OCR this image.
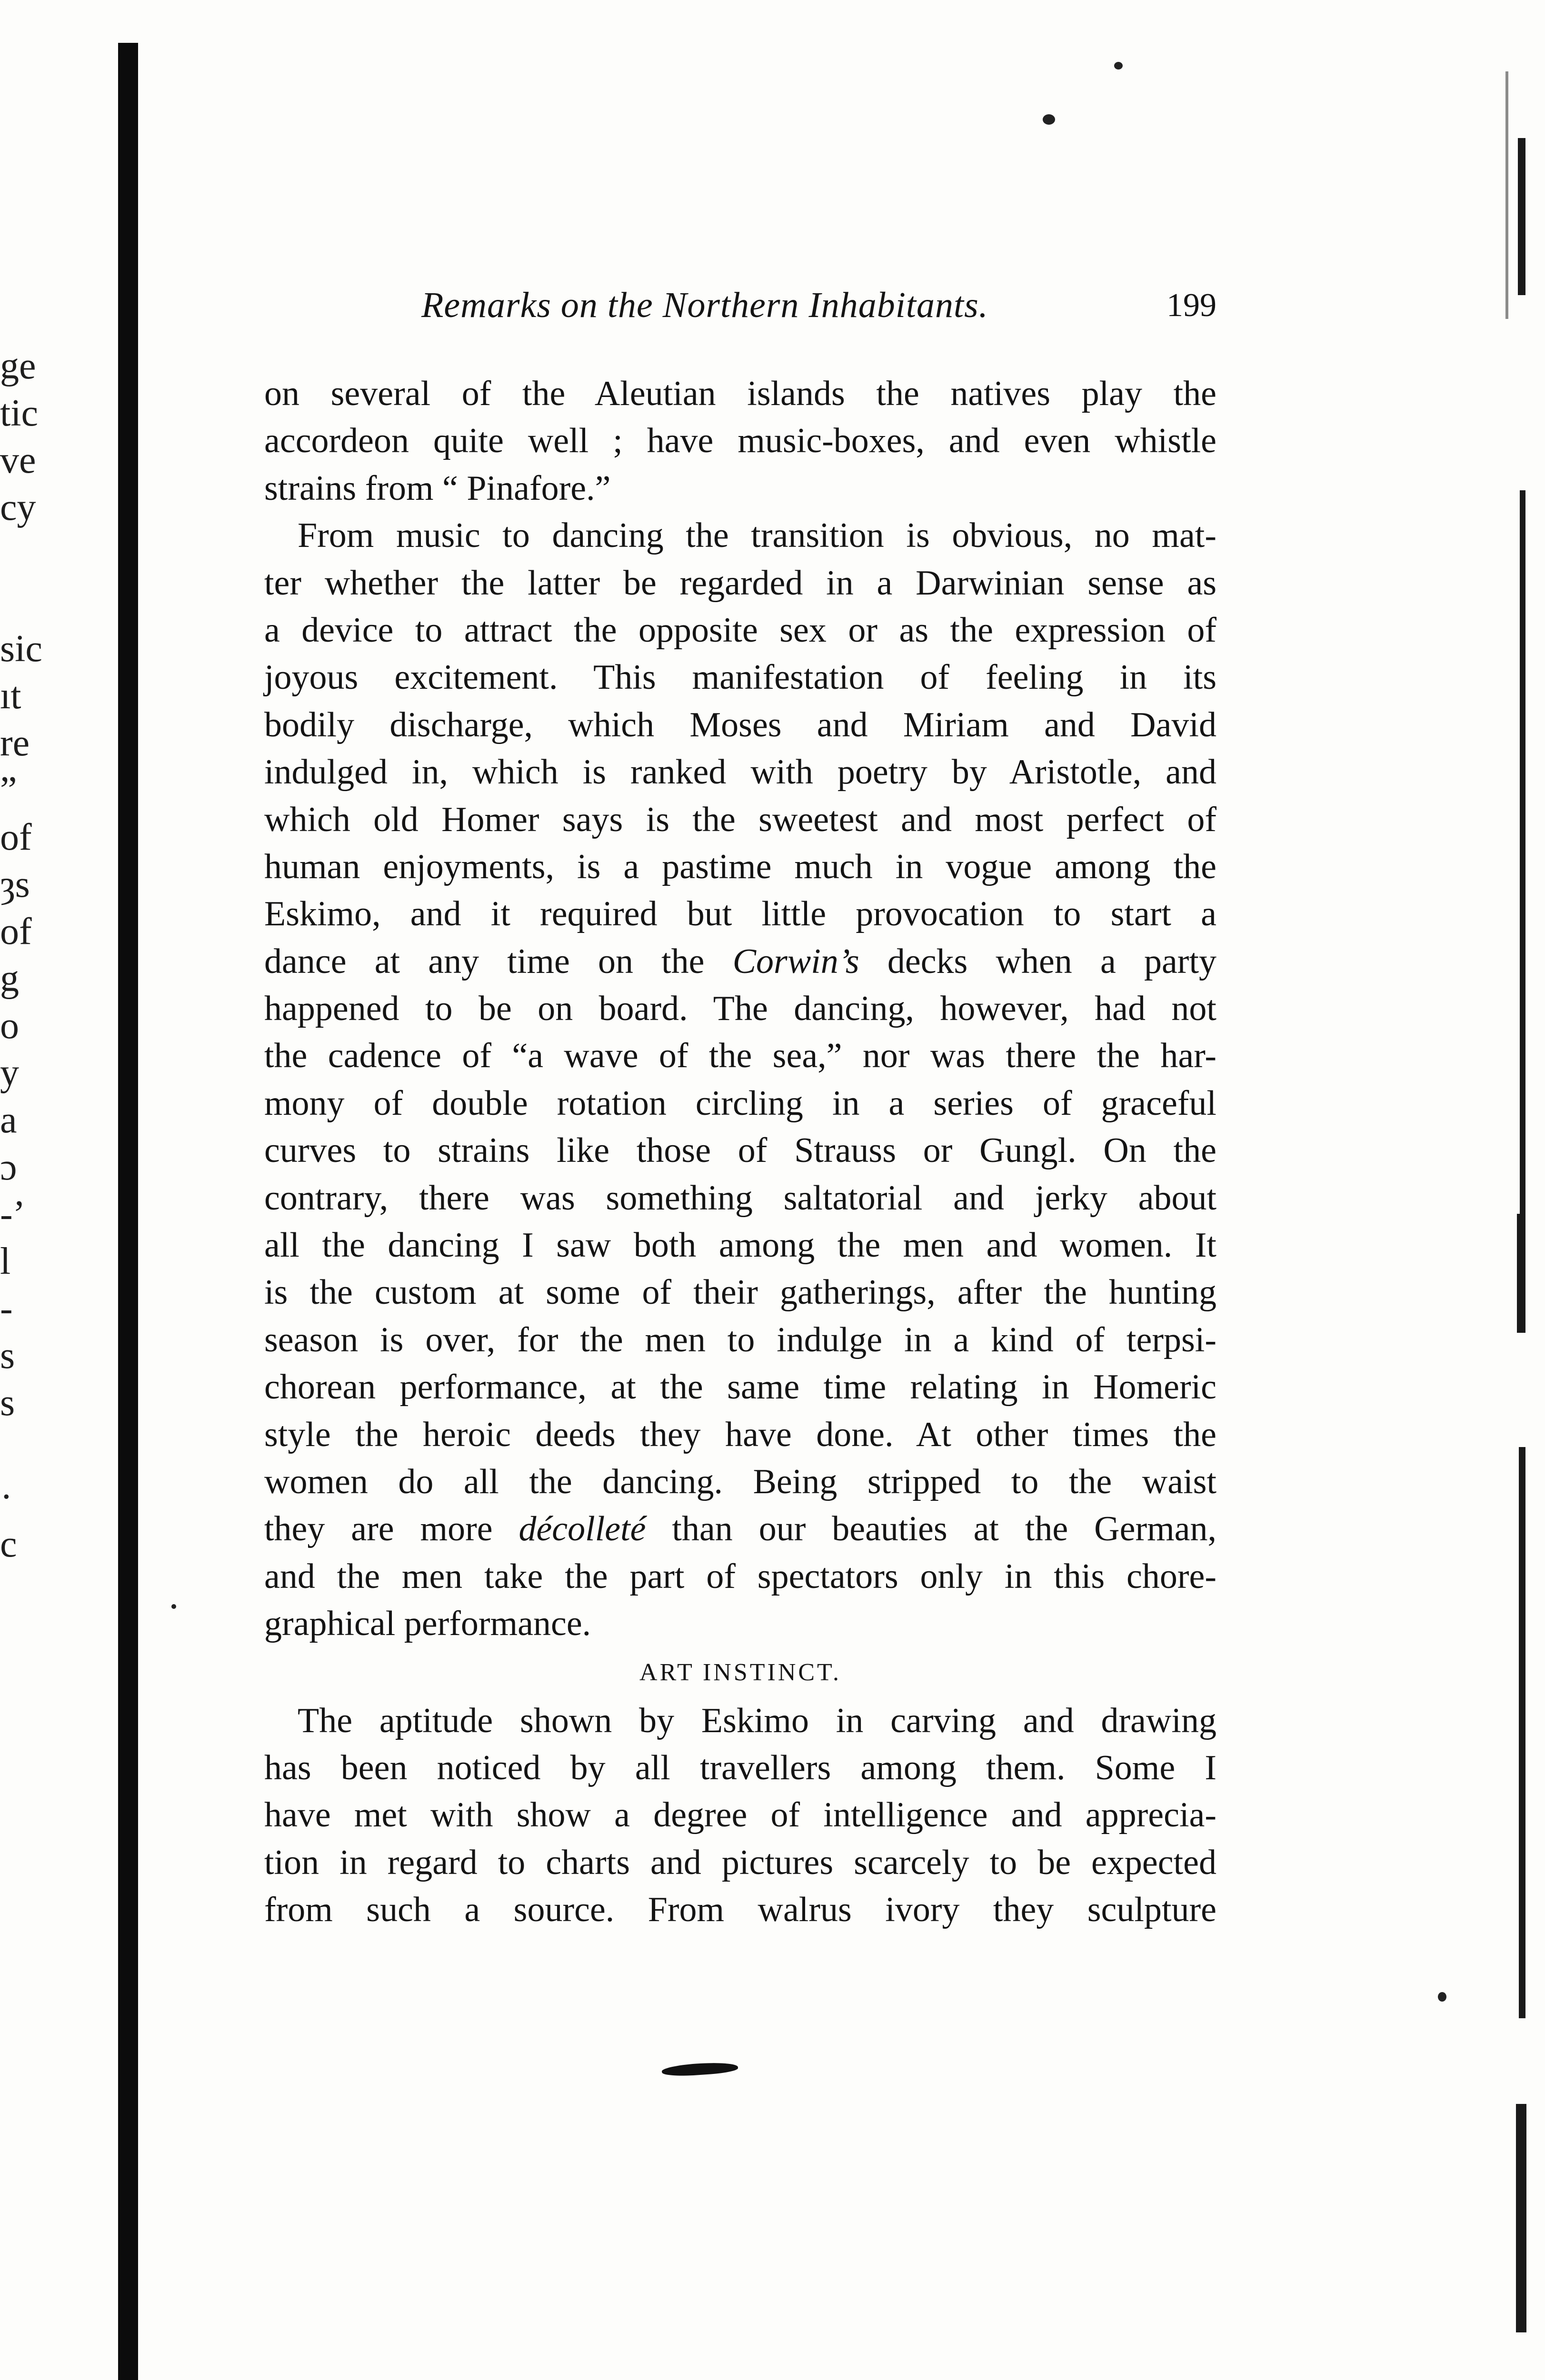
ge
tic
ve
cy

sic
ıt
re
”
of
ȝs
of
g
o
y
a
ɔ
-’
l
-
s
s

·
c
Remarks on the Northern Inhabitants.	199
on several of the Aleutian islands the natives play the
accordeon quite well ; have music-boxes, and even whistle
strains from “ Pinafore.”
From music to dancing the transition is obvious, no mat-
ter whether the latter be regarded in a Darwinian sense as
a device to attract the opposite sex or as the expression of
joyous excitement. This manifestation of feeling in its
bodily discharge, which Moses and Miriam and David
indulged in, which is ranked with poetry by Aristotle, and
which old Homer says is the sweetest and most perfect of
human enjoyments, is a pastime much in vogue among the
Eskimo, and it required but little provocation to start a
dance at any time on the Corwin’s decks when a party
happened to be on board. The dancing, however, had not
the cadence of “a wave of the sea,” nor was there the har-
mony of double rotation circling in a series of graceful
curves to strains like those of Strauss or Gungl. On the
contrary, there was something saltatorial and jerky about
all the dancing I saw both among the men and women. It
is the custom at some of their gatherings, after the hunting
season is over, for the men to indulge in a kind of terpsi-
chorean performance, at the same time relating in Homeric
style the heroic deeds they have done. At other times the
women do all the dancing. Being stripped to the waist
they are more décolleté than our beauties at the German,
and the men take the part of spectators only in this chore-
graphical performance.
ART INSTINCT.
The aptitude shown by Eskimo in carving and drawing
has been noticed by all travellers among them. Some I
have met with show a degree of intelligence and apprecia-
tion in regard to charts and pictures scarcely to be expected
from such a source. From walrus ivory they sculpture
